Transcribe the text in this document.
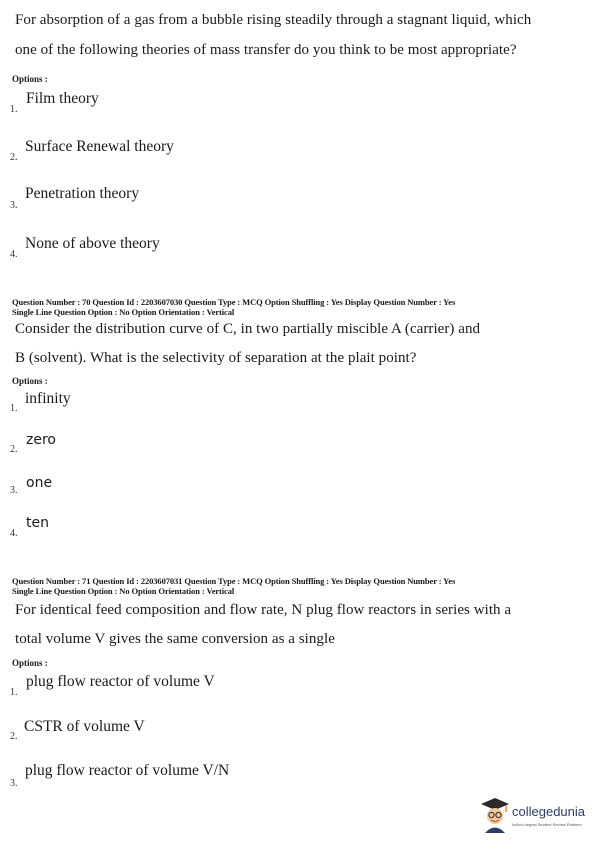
For absorption of a gas from a bubble rising steadily through a stagnant liquid, which
one of the following theories of mass transfer do you think to be most appropriate?
Options :
1.
Film theory
2.
Surface Renewal theory
3.
Penetration theory
4.
None of above theory
Question Number : 70 Question Id : 2203607030 Question Type : MCQ Option Shuffling : Yes Display Question Number : Yes
Single Line Question Option : No Option Orientation : Vertical
Consider the distribution curve of C, in two partially miscible A (carrier) and
B (solvent). What is the selectivity of separation at the plait point?
Options :
1.
infinity
2.
zero
3. one
4.
ten
Question Number : 71 Question Id : 2203607031 Question Type : MCQ Option Shuffling : Yes Display Question Number : Yes
Single Line Question Option : No Option Orientation : Vertical
For identical feed composition and flow rate, N plug flow reactors in series with a
total volume V gives the same conversion as a single
Options :
1.
plug flow reactor of volume V
2.
CSTR of volume V
3.
plug flow reactor of volume V/N
collegedunia
India's largest Student Review Platform
